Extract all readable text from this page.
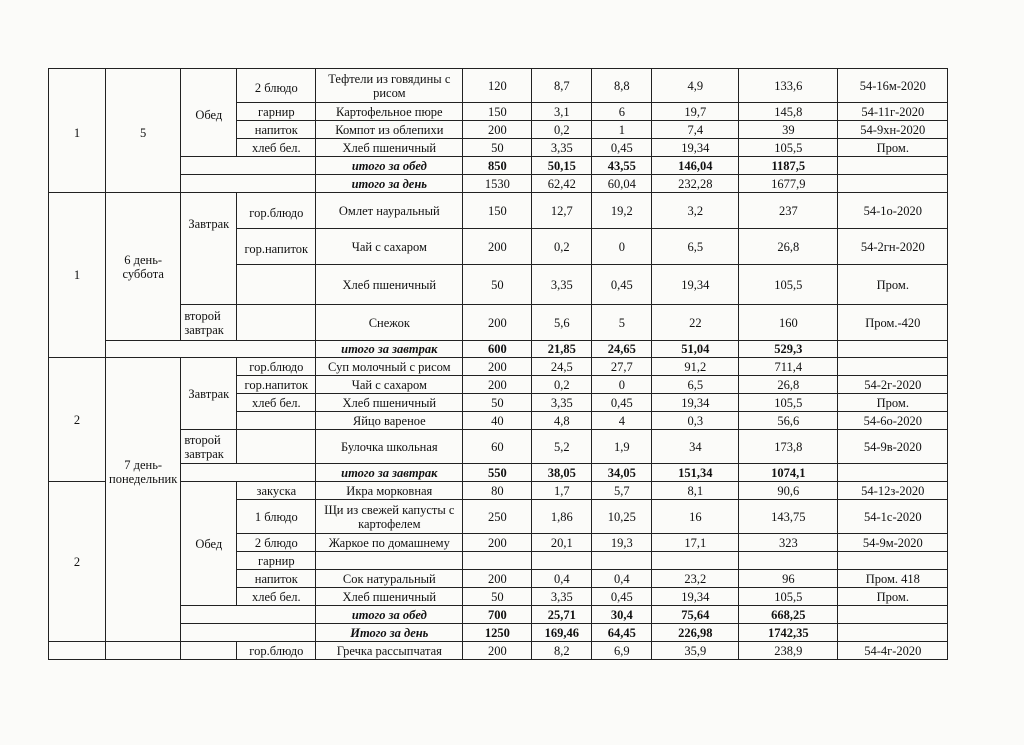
1	5	Обед	2 блюдо	Тефтели из говядины с рисом	120	8,7	8,8	4,9	133,6	54-16м-2020
			гарнир	Картофельное пюре	150	3,1	6	19,7	145,8	54-11г-2020
			напиток	Компот из облепихи	200	0,2	1	7,4	39	54-9хн-2020
			хлеб бел.	Хлеб пшеничный	50	3,35	0,45	19,34	105,5	Пром.
				итого за обед	850	50,15	43,55	146,04	1187,5	
				итого за день	1530	62,42	60,04	232,28	1677,9	
1	6 день-суббота	Завтрак	гор.блюдо	Омлет науральный	150	12,7	19,2	3,2	237	54-1о-2020
			гор.напиток	Чай с сахаром	200	0,2	0	6,5	26,8	54-2гн-2020
				Хлеб пшеничный	50	3,35	0,45	19,34	105,5	Пром.
		второй завтрак		Снежок	200	5,6	5	22	160	Пром.-420
				итого за завтрак	600	21,85	24,65	51,04	529,3	
2	7 день-понедельник	Завтрак	гор.блюдо	Суп молочный с рисом	200	24,5	27,7	91,2	711,4	
			гор.напиток	Чай с сахаром	200	0,2	0	6,5	26,8	54-2г-2020
			хлеб бел.	Хлеб пшеничный	50	3,35	0,45	19,34	105,5	Пром.
				Яйцо вареное	40	4,8	4	0,3	56,6	54-6о-2020
		второй завтрак		Булочка школьная	60	5,2	1,9	34	173,8	54-9в-2020
				итого за завтрак	550	38,05	34,05	151,34	1074,1	
2		Обед	закуска	Икра морковная	80	1,7	5,7	8,1	90,6	54-12з-2020
			1 блюдо	Щи из свежей капусты с картофелем	250	1,86	10,25	16	143,75	54-1с-2020
			2 блюдо	Жаркое по домашнему	200	20,1	19,3	17,1	323	54-9м-2020
			гарнир							
			напиток	Сок натуральный	200	0,4	0,4	23,2	96	Пром. 418
			хлеб бел.	Хлеб пшеничный	50	3,35	0,45	19,34	105,5	Пром.
				итого за обед	700	25,71	30,4	75,64	668,25	
				Итого за день	1250	169,46	64,45	226,98	1742,35	
			гор.блюдо	Гречка рассыпчатая	200	8,2	6,9	35,9	238,9	54-4г-2020
